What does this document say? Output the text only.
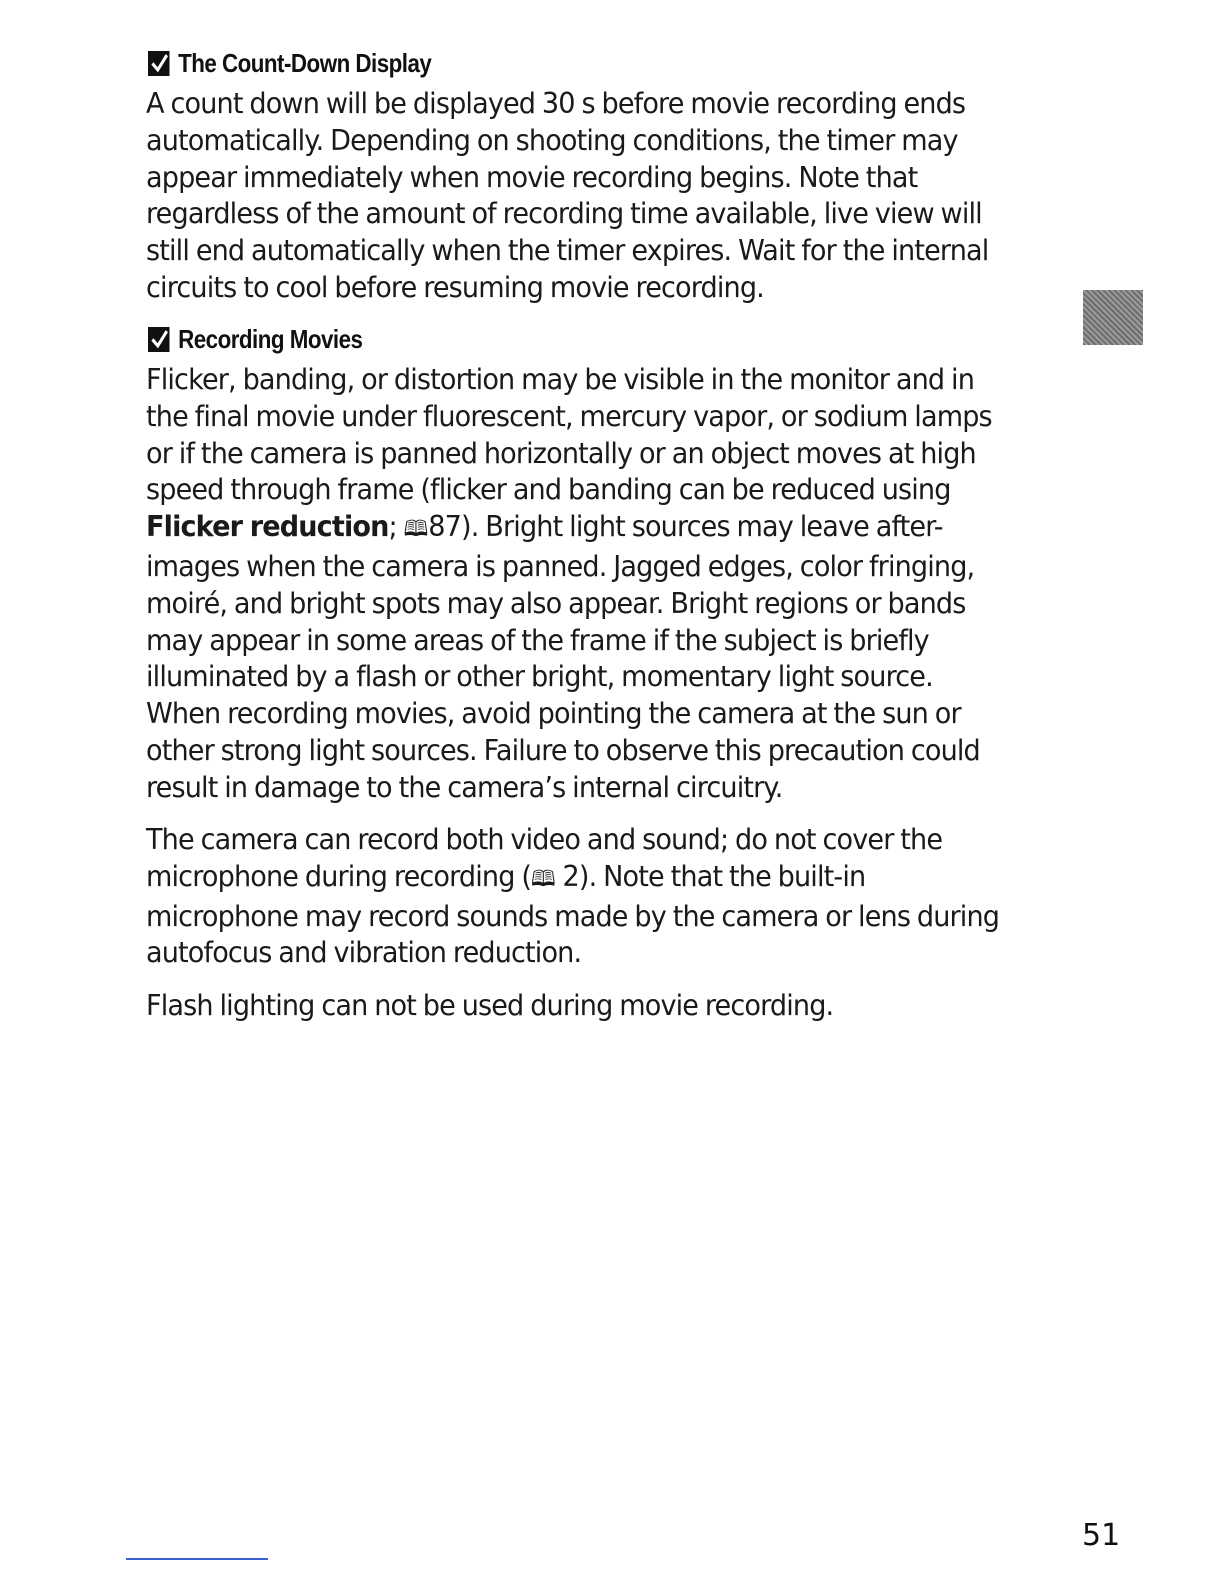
The Count-Down Display

A count down will be displayed 30 s before movie recording ends automatically. Depending on shooting conditions, the timer may appear immediately when movie recording begins. Note that regardless of the amount of recording time available, live view will still end automatically when the timer expires. Wait for the internal circuits to cool before resuming movie recording.

Recording Movies

Flicker, banding, or distortion may be visible in the monitor and in the final movie under fluorescent, mercury vapor, or sodium lamps or if the camera is panned horizontally or an object moves at high speed through frame (flicker and banding can be reduced using Flicker reduction; 🕮87). Bright light sources may leave after-images when the camera is panned. Jagged edges, color fringing, moiré, and bright spots may also appear. Bright regions or bands may appear in some areas of the frame if the subject is briefly illuminated by a flash or other bright, momentary light source. When recording movies, avoid pointing the camera at the sun or other strong light sources. Failure to observe this precaution could result in damage to the camera’s internal circuitry.

The camera can record both video and sound; do not cover the microphone during recording (🕮 2). Note that the built-in microphone may record sounds made by the camera or lens during autofocus and vibration reduction.

Flash lighting can not be used during movie recording.

51
